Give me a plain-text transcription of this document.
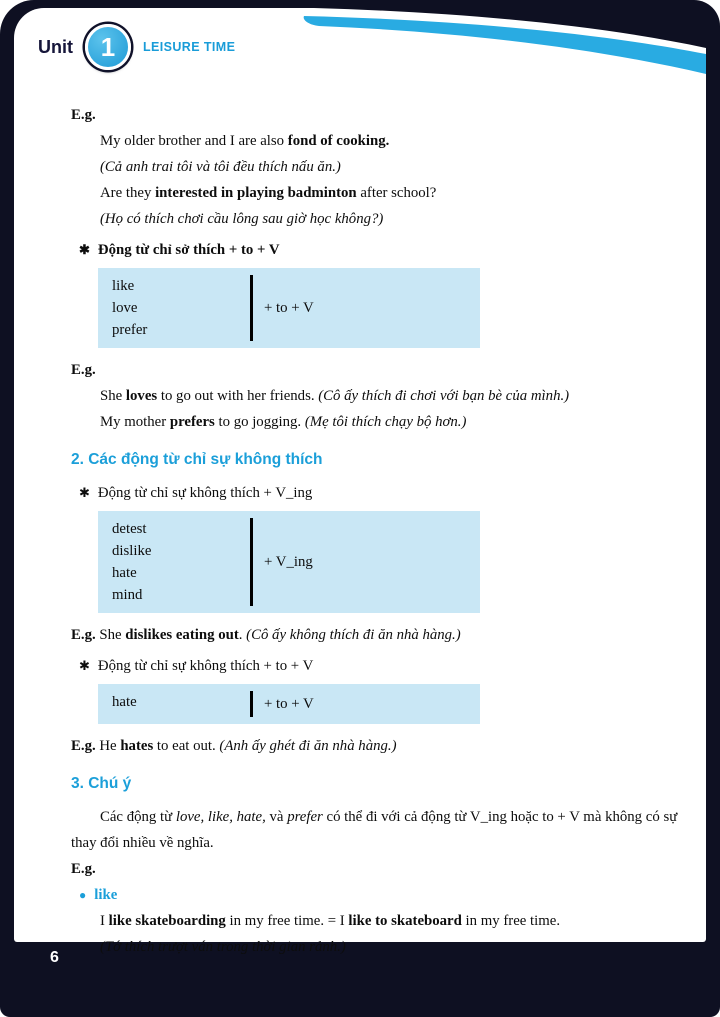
Unit 1 LEISURE TIME

E.g.

My older brother and I are also fond of cooking.

(Cả anh trai tôi và tôi đều thích nấu ăn.)

Are they interested in playing badminton after school?

(Họ có thích chơi cầu lông sau giờ học không?)

✱ Động từ chỉ sở thích + to + V

like
love
prefer
+ to + V

E.g.

She loves to go out with her friends. (Cô ấy thích đi chơi với bạn bè của mình.)

My mother prefers to go jogging. (Mẹ tôi thích chạy bộ hơn.)

2. Các động từ chỉ sự không thích

✱ Động từ chỉ sự không thích + V_ing

detest
dislike
hate
mind
+ V_ing

E.g. She dislikes eating out. (Cô ấy không thích đi ăn nhà hàng.)

✱ Động từ chỉ sự không thích + to + V

hate	+ to + V

E.g. He hates to eat out. (Anh ấy ghét đi ăn nhà hàng.)

3. Chú ý

Các động từ love, like, hate, và prefer có thể đi với cả động từ V_ing hoặc to + V mà không có sự thay đổi nhiều về nghĩa.

E.g.

● like

I like skateboarding in my free time. = I like to skateboard in my free time.

(Tớ thích trượt ván trong thời gian rảnh.)

6
